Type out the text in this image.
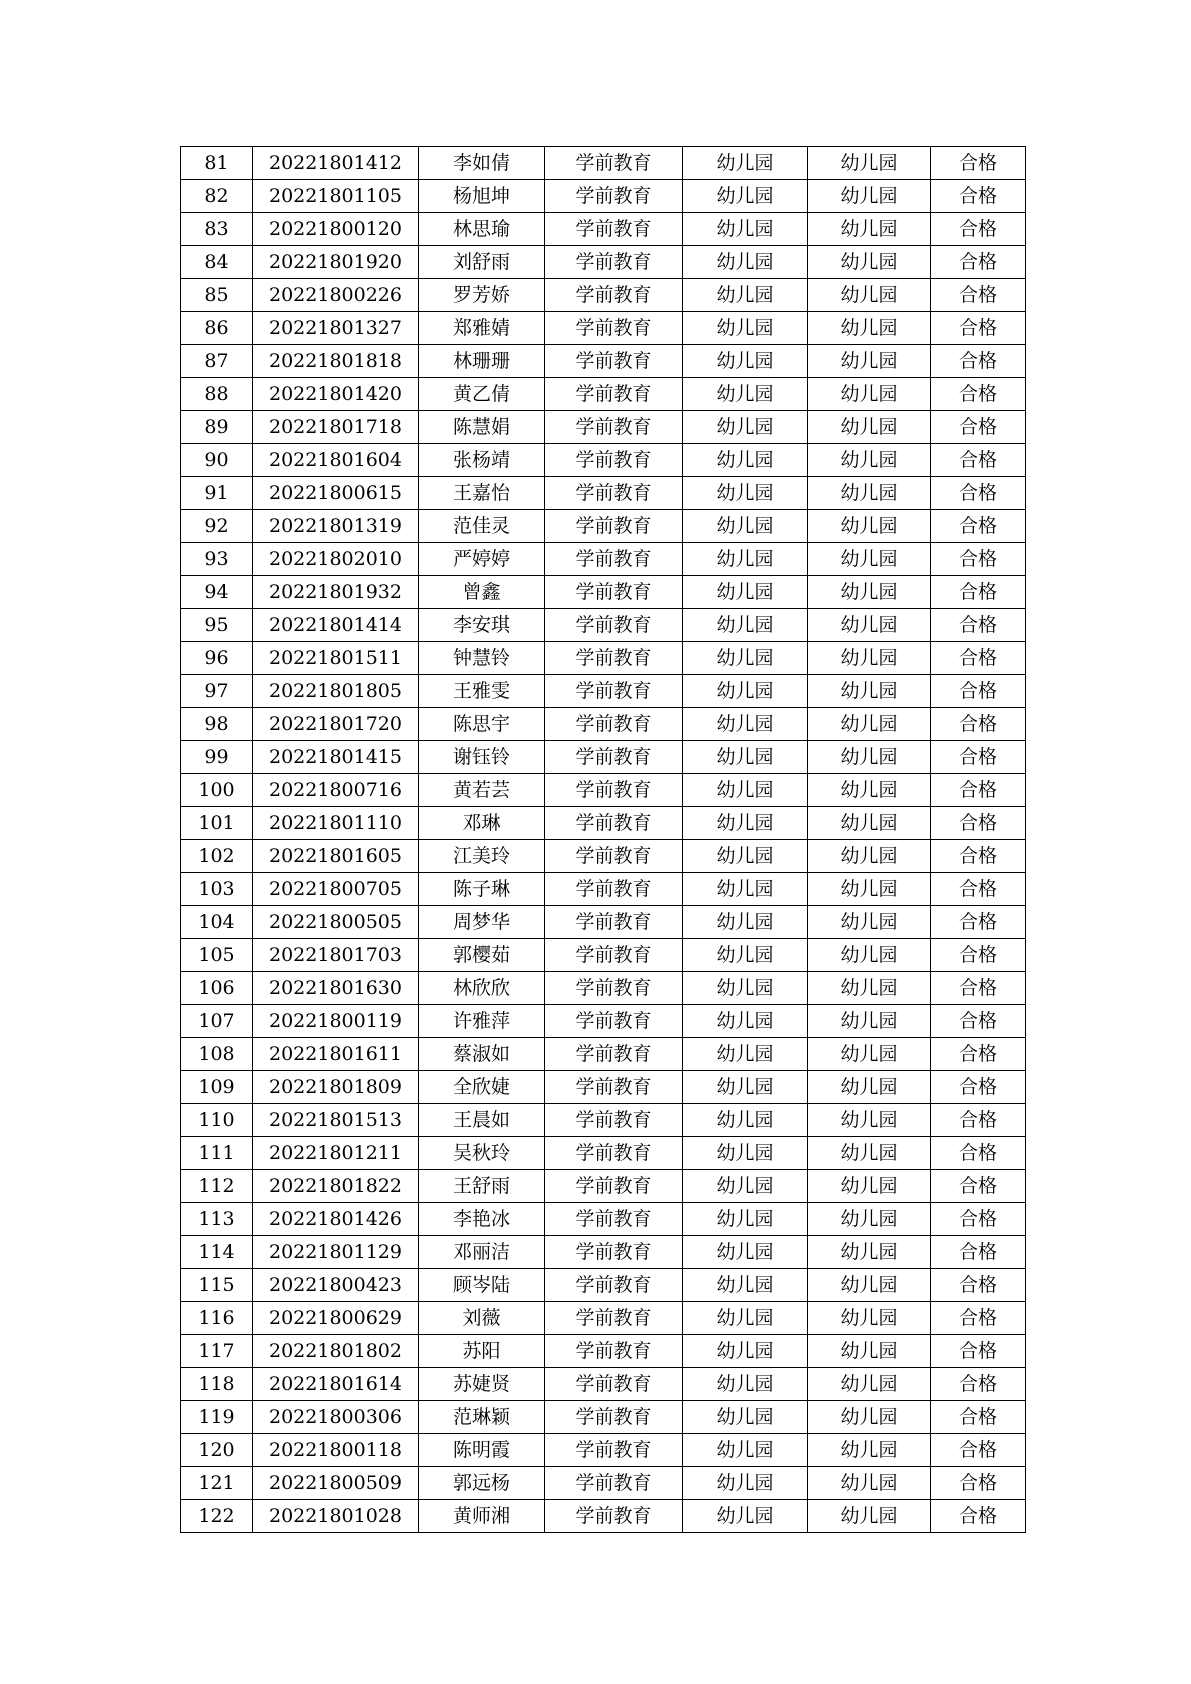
81	20221801412	李如倩	学前教育	幼儿园	幼儿园	合格
82	20221801105	杨旭坤	学前教育	幼儿园	幼儿园	合格
83	20221800120	林思瑜	学前教育	幼儿园	幼儿园	合格
84	20221801920	刘舒雨	学前教育	幼儿园	幼儿园	合格
85	20221800226	罗芳娇	学前教育	幼儿园	幼儿园	合格
86	20221801327	郑雅婧	学前教育	幼儿园	幼儿园	合格
87	20221801818	林珊珊	学前教育	幼儿园	幼儿园	合格
88	20221801420	黄乙倩	学前教育	幼儿园	幼儿园	合格
89	20221801718	陈慧娟	学前教育	幼儿园	幼儿园	合格
90	20221801604	张杨靖	学前教育	幼儿园	幼儿园	合格
91	20221800615	王嘉怡	学前教育	幼儿园	幼儿园	合格
92	20221801319	范佳灵	学前教育	幼儿园	幼儿园	合格
93	20221802010	严婷婷	学前教育	幼儿园	幼儿园	合格
94	20221801932	曾鑫	学前教育	幼儿园	幼儿园	合格
95	20221801414	李安琪	学前教育	幼儿园	幼儿园	合格
96	20221801511	钟慧铃	学前教育	幼儿园	幼儿园	合格
97	20221801805	王雅雯	学前教育	幼儿园	幼儿园	合格
98	20221801720	陈思宇	学前教育	幼儿园	幼儿园	合格
99	20221801415	谢钰铃	学前教育	幼儿园	幼儿园	合格
100	20221800716	黄若芸	学前教育	幼儿园	幼儿园	合格
101	20221801110	邓琳	学前教育	幼儿园	幼儿园	合格
102	20221801605	江美玲	学前教育	幼儿园	幼儿园	合格
103	20221800705	陈子琳	学前教育	幼儿园	幼儿园	合格
104	20221800505	周梦华	学前教育	幼儿园	幼儿园	合格
105	20221801703	郭樱茹	学前教育	幼儿园	幼儿园	合格
106	20221801630	林欣欣	学前教育	幼儿园	幼儿园	合格
107	20221800119	许雅萍	学前教育	幼儿园	幼儿园	合格
108	20221801611	蔡淑如	学前教育	幼儿园	幼儿园	合格
109	20221801809	全欣婕	学前教育	幼儿园	幼儿园	合格
110	20221801513	王晨如	学前教育	幼儿园	幼儿园	合格
111	20221801211	吴秋玲	学前教育	幼儿园	幼儿园	合格
112	20221801822	王舒雨	学前教育	幼儿园	幼儿园	合格
113	20221801426	李艳冰	学前教育	幼儿园	幼儿园	合格
114	20221801129	邓丽洁	学前教育	幼儿园	幼儿园	合格
115	20221800423	顾岑陆	学前教育	幼儿园	幼儿园	合格
116	20221800629	刘薇	学前教育	幼儿园	幼儿园	合格
117	20221801802	苏阳	学前教育	幼儿园	幼儿园	合格
118	20221801614	苏婕贤	学前教育	幼儿园	幼儿园	合格
119	20221800306	范琳颖	学前教育	幼儿园	幼儿园	合格
120	20221800118	陈明霞	学前教育	幼儿园	幼儿园	合格
121	20221800509	郭远杨	学前教育	幼儿园	幼儿园	合格
122	20221801028	黄师湘	学前教育	幼儿园	幼儿园	合格
